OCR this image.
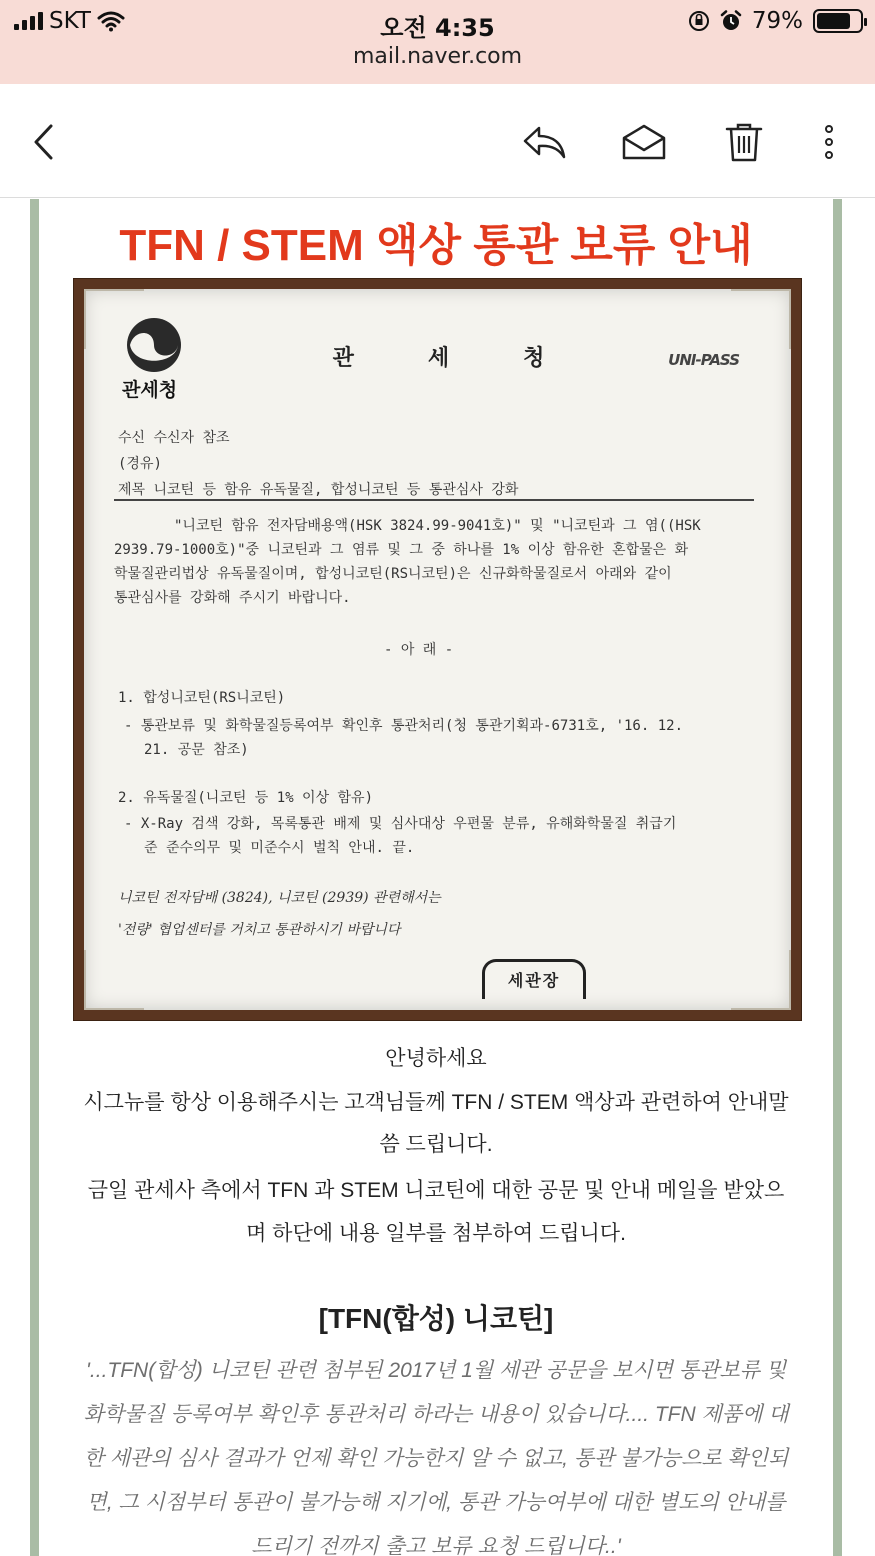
SKT	오전 4:35	79%
mail.naver.com
TFN / STEM 액상 통관 보류 안내
관세청
관세청	UNI-PASS
수신 수신자 참조
(경유)
제목 니코틴 등 함유 유독물질, 합성니코틴 등 통관심사 강화
"니코틴 함유 전자담배용액(HSK 3824.99-9041호)" 및 "니코틴과 그 염((HSK
2939.79-1000호)"중 니코틴과 그 염류 및 그 중 하나를 1% 이상 함유한 혼합물은 화
학물질관리법상 유독물질이며, 합성니코틴(RS니코틴)은 신규화학물질로서 아래와 같이
통관심사를 강화해 주시기 바랍니다.
- 아 래 -
1. 합성니코틴(RS니코틴)
- 통관보류 및 화학물질등록여부 확인후 통관처리(청 통관기획과-6731호, '16. 12.
21. 공문 참조)
2. 유독물질(니코틴 등 1% 이상 함유)
- X-Ray 검색 강화, 목록통관 배제 및 심사대상 우편물 분류, 유해화학물질 취급기
준 준수의무 및 미준수시 벌칙 안내. 끝.
니코틴 전자담배 (3824), 니코틴 (2939) 관련해서는
'전량' 협업센터를 거치고 통관하시기 바랍니다
세관장
안녕하세요
시그뉴를 항상 이용해주시는 고객님들께 TFN / STEM 액상과 관련하여 안내말
씀 드립니다.
금일 관세사 측에서 TFN 과 STEM 니코틴에 대한 공문 및 안내 메일을 받았으
며 하단에 내용 일부를 첨부하여 드립니다.
[TFN(합성) 니코틴]
'...TFN(합성) 니코틴 관련 첨부된 2017년 1월 세관 공문을 보시면 통관보류 및
화학물질 등록여부 확인후 통관처리 하라는 내용이 있습니다.... TFN 제품에 대
한 세관의 심사 결과가 언제 확인 가능한지 알 수 없고, 통관 불가능으로 확인되
면, 그 시점부터 통관이 불가능해 지기에, 통관 가능여부에 대한 별도의 안내를
드리기 전까지 출고 보류 요청 드립니다..'
